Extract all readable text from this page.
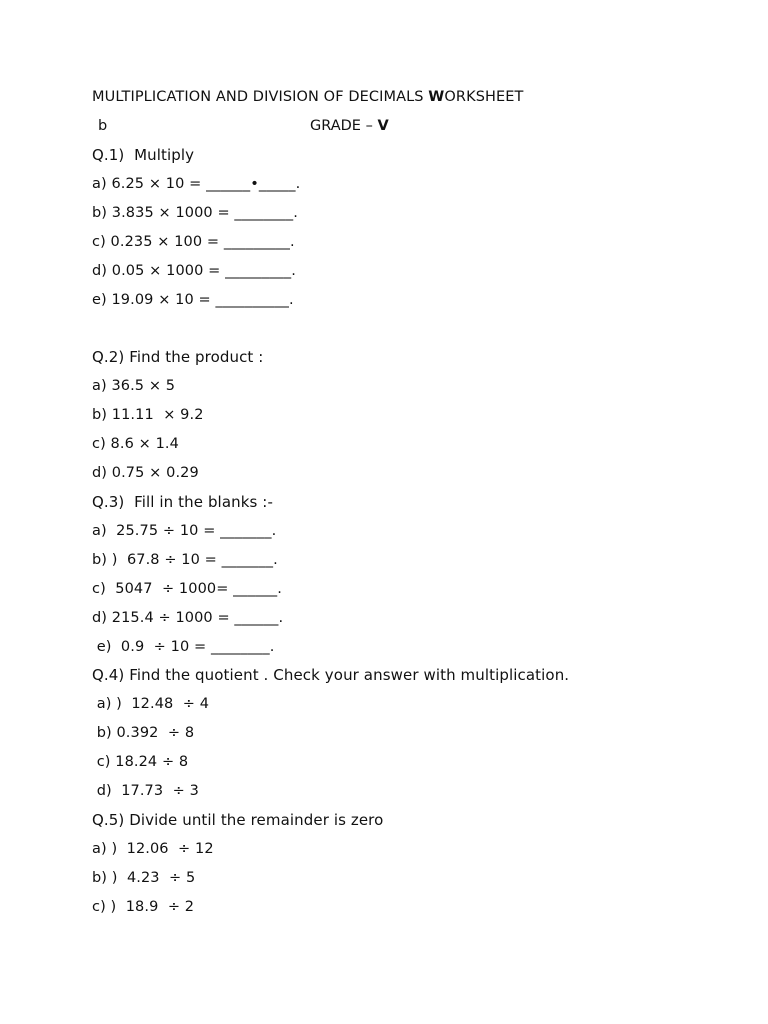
MULTIPLICATION AND DIVISION OF DECIMALS WORKSHEET
b	GRADE – V
Q.1)  Multiply
a) 6.25 × 10 = ______•_____.
b) 3.835 × 1000 = ________.
c) 0.235 × 100 = _________.
d) 0.05 × 1000 = _________.
e) 19.09 × 10 = __________.
Q.2) Find the product :
a) 36.5 × 5
b) 11.11  × 9.2
c) 8.6 × 1.4
d) 0.75 × 0.29
Q.3)  Fill in the blanks :-
a)  25.75 ÷ 10 = _______.
b) )  67.8 ÷ 10 = _______.
c)  5047  ÷ 1000= ______.
d) 215.4 ÷ 1000 = ______.
e)  0.9  ÷ 10 = ________.
Q.4) Find the quotient . Check your answer with multiplication.
a) )  12.48  ÷ 4
b) 0.392  ÷ 8
c) 18.24 ÷ 8
d)  17.73  ÷ 3
Q.5) Divide until the remainder is zero
a) )  12.06  ÷ 12
b) )  4.23  ÷ 5
c) )  18.9  ÷ 2
